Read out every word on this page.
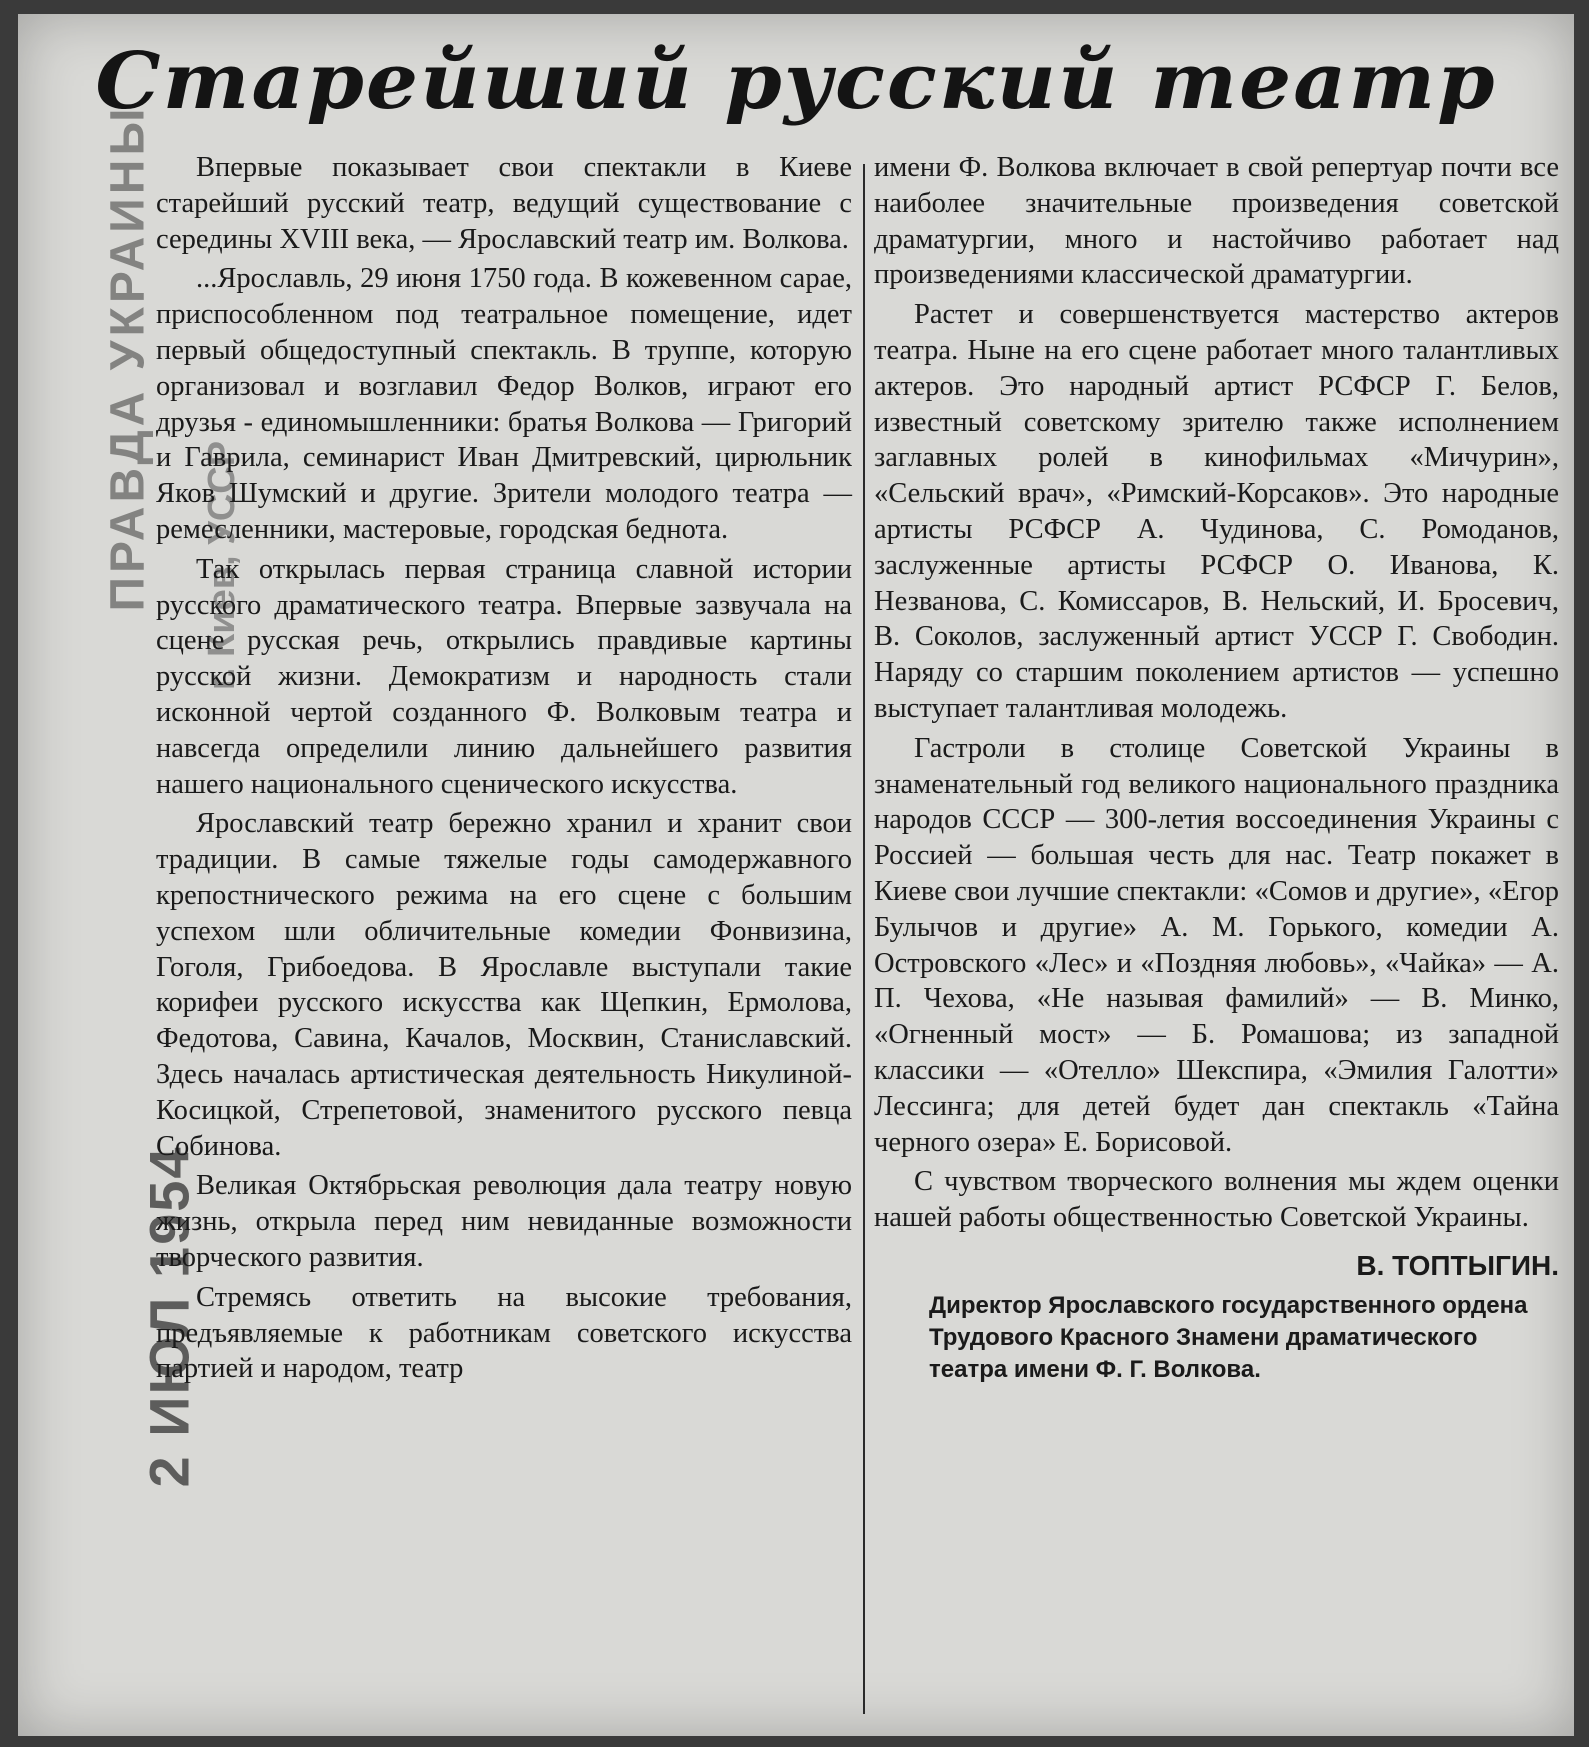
Старейший русский театр
ПРАВДА УКРАИНЫ г. Киев, УССР
2 ИЮЛ 1954

Впервые показывает свои спектакли в Киеве старейший русский театр, ведущий существование с середины XVIII века, — Ярославский театр им. Волкова.

...Ярославль, 29 июня 1750 года. В кожевенном сарае, приспособленном под театральное помещение, идет первый общедоступный спектакль. В труппе, которую организовал и возглавил Федор Волков, играют его друзья - единомышленники: братья Волкова — Григорий и Гаврила, семинарист Иван Дмитревский, цирюльник Яков Шумский и другие. Зрители молодого театра — ремесленники, мастеровые, городская беднота.

Так открылась первая страница славной истории русского драматического театра. Впервые зазвучала на сцене русская речь, открылись правдивые картины русской жизни. Демократизм и народность стали исконной чертой созданного Ф. Волковым театра и навсегда определили линию дальнейшего развития нашего национального сценического искусства.

Ярославский театр бережно хранил и хранит свои традиции. В самые тяжелые годы самодержавного крепостнического режима на его сцене с большим успехом шли обличительные комедии Фонвизина, Гоголя, Грибоедова. В Ярославле выступали такие корифеи русского искусства как Щепкин, Ермолова, Федотова, Савина, Качалов, Москвин, Станиславский. Здесь началась артистическая деятельность Никулиной-Косицкой, Стрепетовой, знаменитого русского певца Собинова.

Великая Октябрьская революция дала театру новую жизнь, открыла перед ним невиданные возможности творческого развития.

Стремясь ответить на высокие требования, предъявляемые к работникам советского искусства партией и народом, театр

имени Ф. Волкова включает в свой репертуар почти все наиболее значительные произведения советской драматургии, много и настойчиво работает над произведениями классической драматургии.

Растет и совершенствуется мастерство актеров театра. Ныне на его сцене работает много талантливых актеров. Это народный артист РСФСР Г. Белов, известный советскому зрителю также исполнением заглавных ролей в кинофильмах «Мичурин», «Сельский врач», «Римский-Корсаков». Это народные артисты РСФСР А. Чудинова, С. Ромоданов, заслуженные артисты РСФСР О. Иванова, К. Незванова, С. Комиссаров, В. Нельский, И. Бросевич, В. Соколов, заслуженный артист УССР Г. Свободин. Наряду со старшим поколением артистов — успешно выступает талантливая молодежь.

Гастроли в столице Советской Украины в знаменательный год великого национального праздника народов СССР — 300-летия воссоединения Украины с Россией — большая честь для нас. Театр покажет в Киеве свои лучшие спектакли: «Сомов и другие», «Егор Булычов и другие» А. М. Горького, комедии А. Островского «Лес» и «Поздняя любовь», «Чайка» — А. П. Чехова, «Не называя фамилий» — В. Минко, «Огненный мост» — Б. Ромашова; из западной классики — «Отелло» Шекспира, «Эмилия Галотти» Лессинга; для детей будет дан спектакль «Тайна черного озера» Е. Борисовой.

С чувством творческого волнения мы ждем оценки нашей работы общественностью Советской Украины.

В. ТОПТЫГИН.
Директор Ярославского государственного ордена Трудового Красного Знамени драматического театра имени Ф. Г. Волкова.
